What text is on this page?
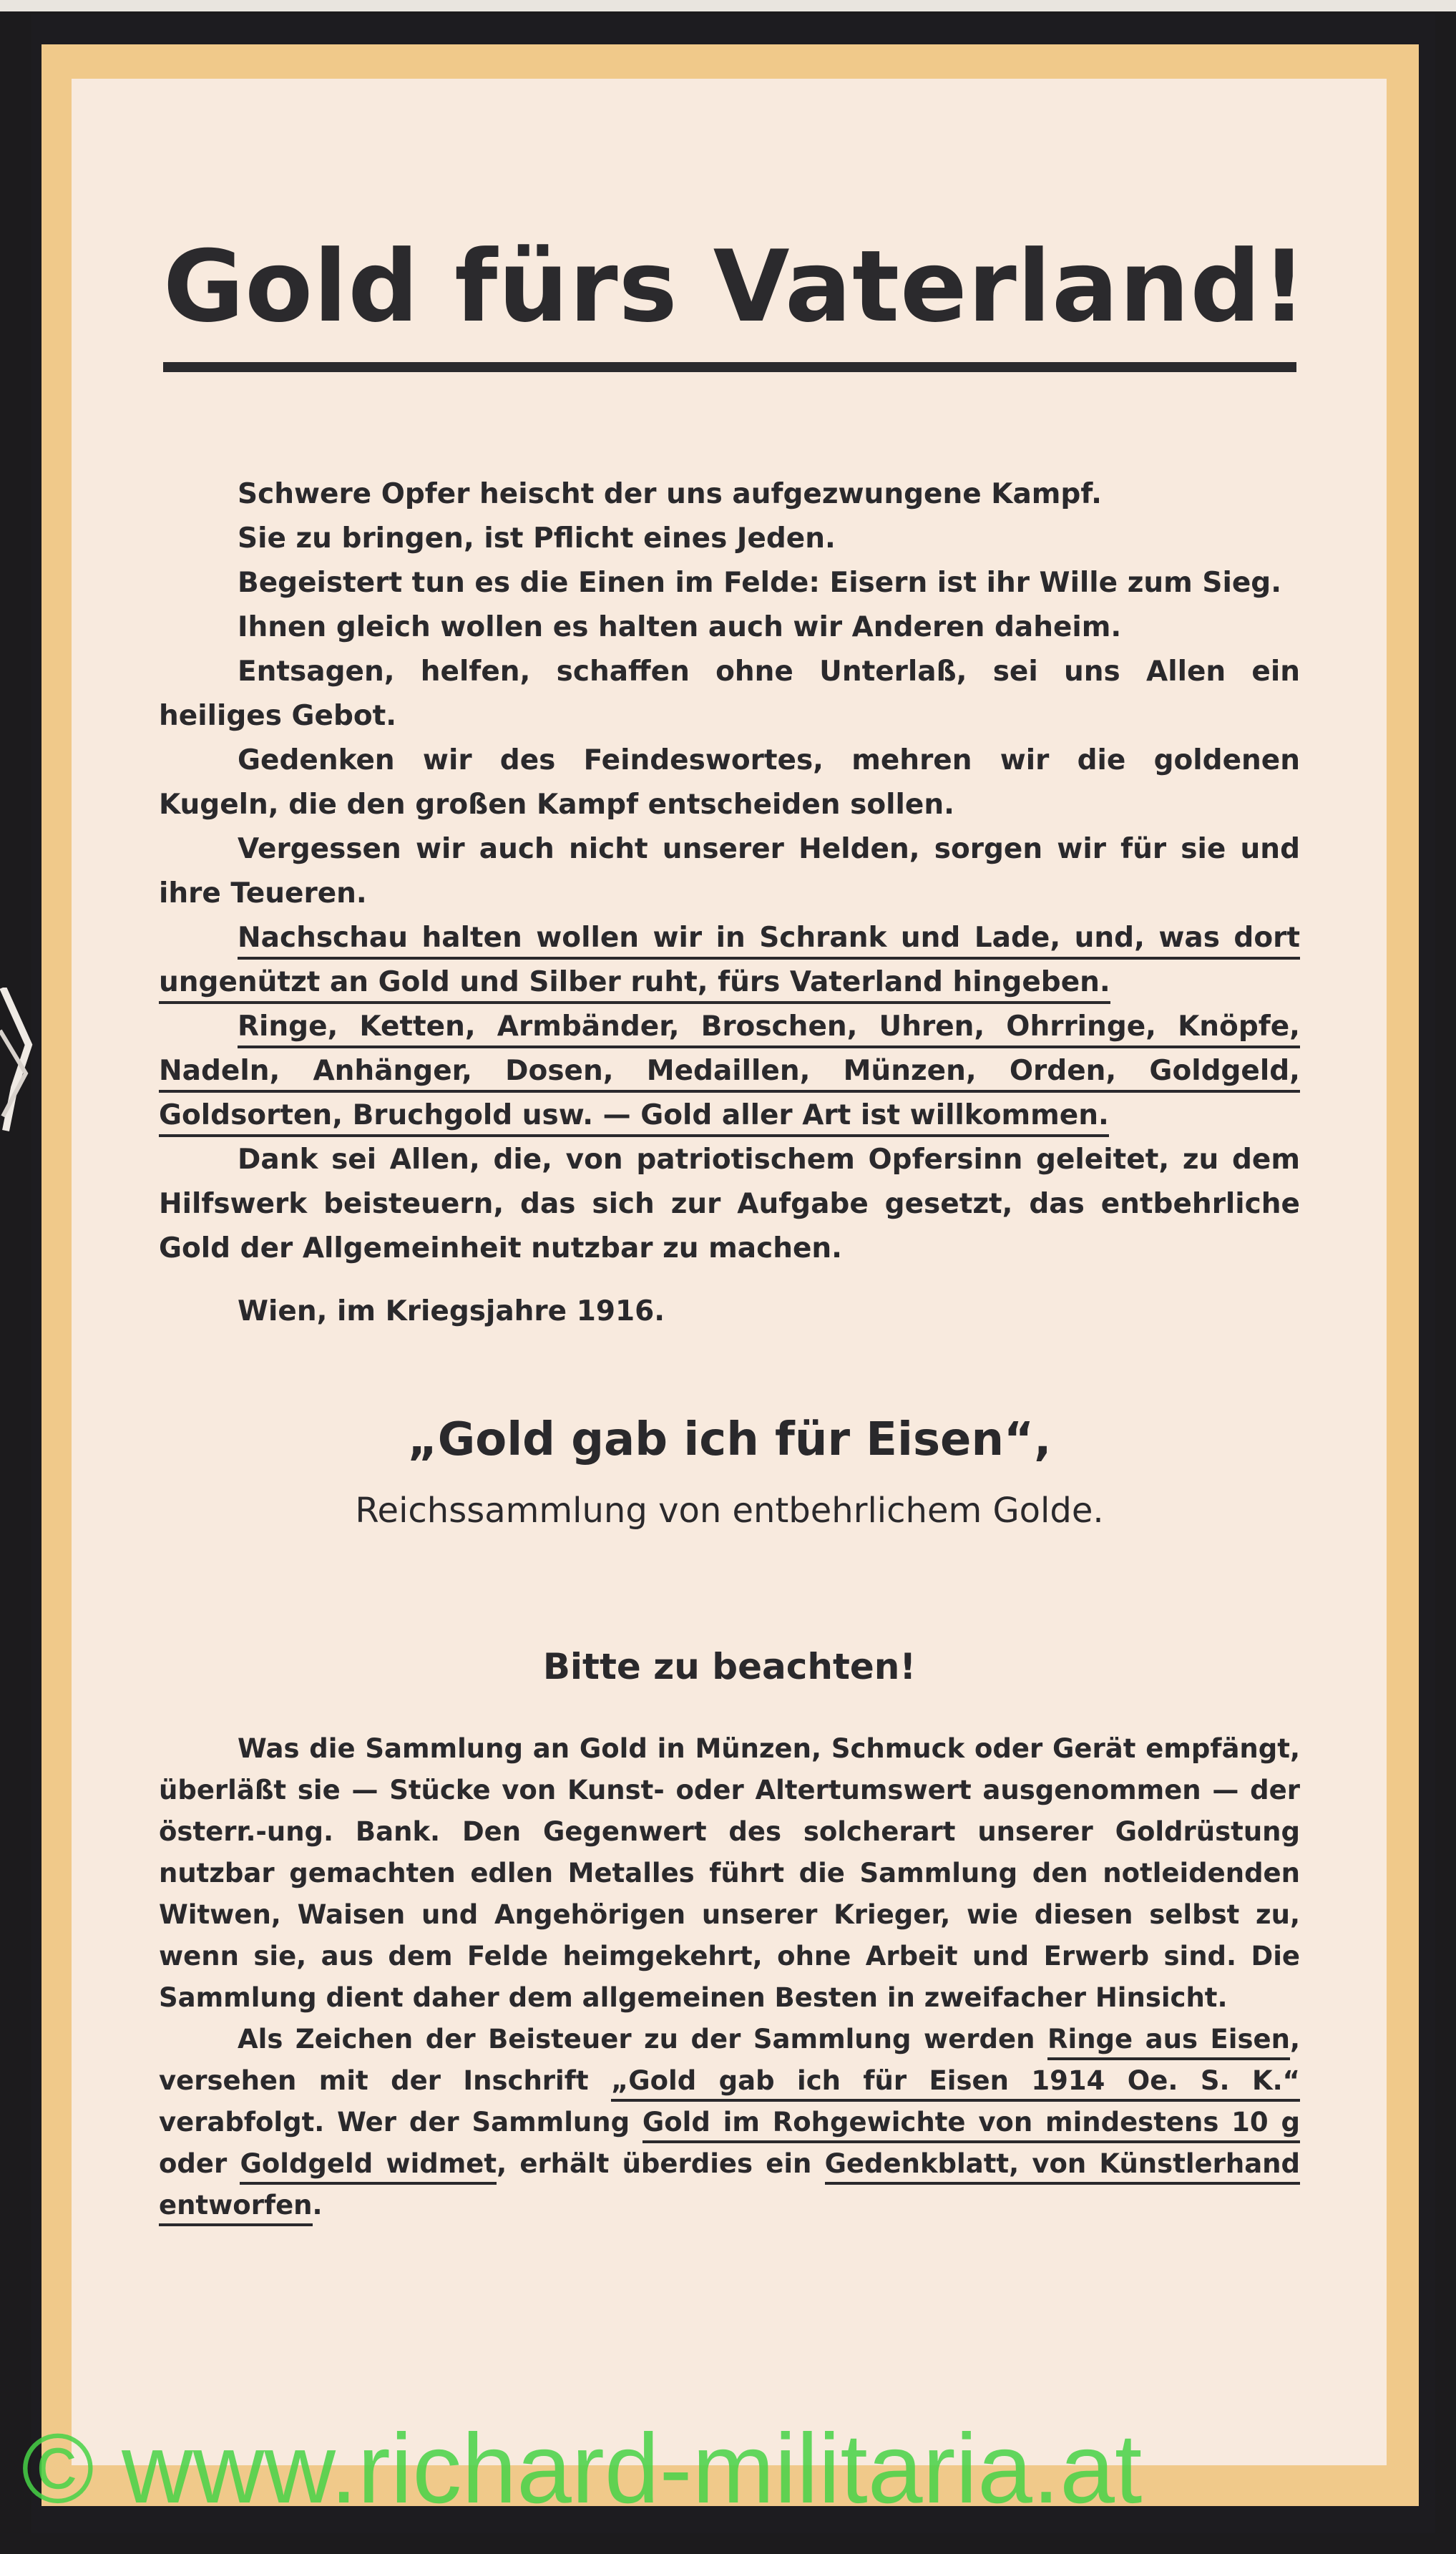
Gold fürs Vaterland!

Schwere Opfer heischt der uns aufgezwungene Kampf.

Sie zu bringen, ist Pflicht eines Jeden.

Begeistert tun es die Einen im Felde: Eisern ist ihr Wille zum Sieg.

Ihnen gleich wollen es halten auch wir Anderen daheim.

Entsagen, helfen, schaffen ohne Unterlaß, sei uns Allen ein heiliges Gebot.

Gedenken wir des Feindeswortes, mehren wir die goldenen Kugeln, die den großen Kampf entscheiden sollen.

Vergessen wir auch nicht unserer Helden, sorgen wir für sie und ihre Teueren.

Nachschau halten wollen wir in Schrank und Lade, und, was dort ungenützt an Gold und Silber ruht, fürs Vaterland hingeben.

Ringe, Ketten, Armbänder, Broschen, Uhren, Ohrringe, Knöpfe, Nadeln, Anhänger, Dosen, Medaillen, Münzen, Orden, Goldgeld, Goldsorten, Bruchgold usw. — Gold aller Art ist willkommen.

Dank sei Allen, die, von patriotischem Opfersinn geleitet, zu dem Hilfswerk beisteuern, das sich zur Aufgabe gesetzt, das entbehrliche Gold der Allgemeinheit nutzbar zu machen.

Wien, im Kriegsjahre 1916.

„Gold gab ich für Eisen“,
Reichssammlung von entbehrlichem Golde.
Bitte zu beachten!

Was die Sammlung an Gold in Münzen, Schmuck oder Gerät empfängt, überläßt sie — Stücke von Kunst- oder Altertumswert ausgenommen — der österr.-ung. Bank. Den Gegenwert des solcherart unserer Goldrüstung nutzbar gemachten edlen Metalles führt die Sammlung den notleidenden Witwen, Waisen und Angehörigen unserer Krieger, wie diesen selbst zu, wenn sie, aus dem Felde heimgekehrt, ohne Arbeit und Erwerb sind. Die Sammlung dient daher dem allgemeinen Besten in zweifacher Hinsicht.

Als Zeichen der Beisteuer zu der Sammlung werden Ringe aus Eisen, versehen mit der Inschrift „Gold gab ich für Eisen 1914 Oe. S. K.“ verabfolgt. Wer der Sammlung Gold im Rohgewichte von mindestens 10 g oder Goldgeld widmet, erhält überdies ein Gedenkblatt, von Künstlerhand entworfen.

© www.richard-militaria.at
